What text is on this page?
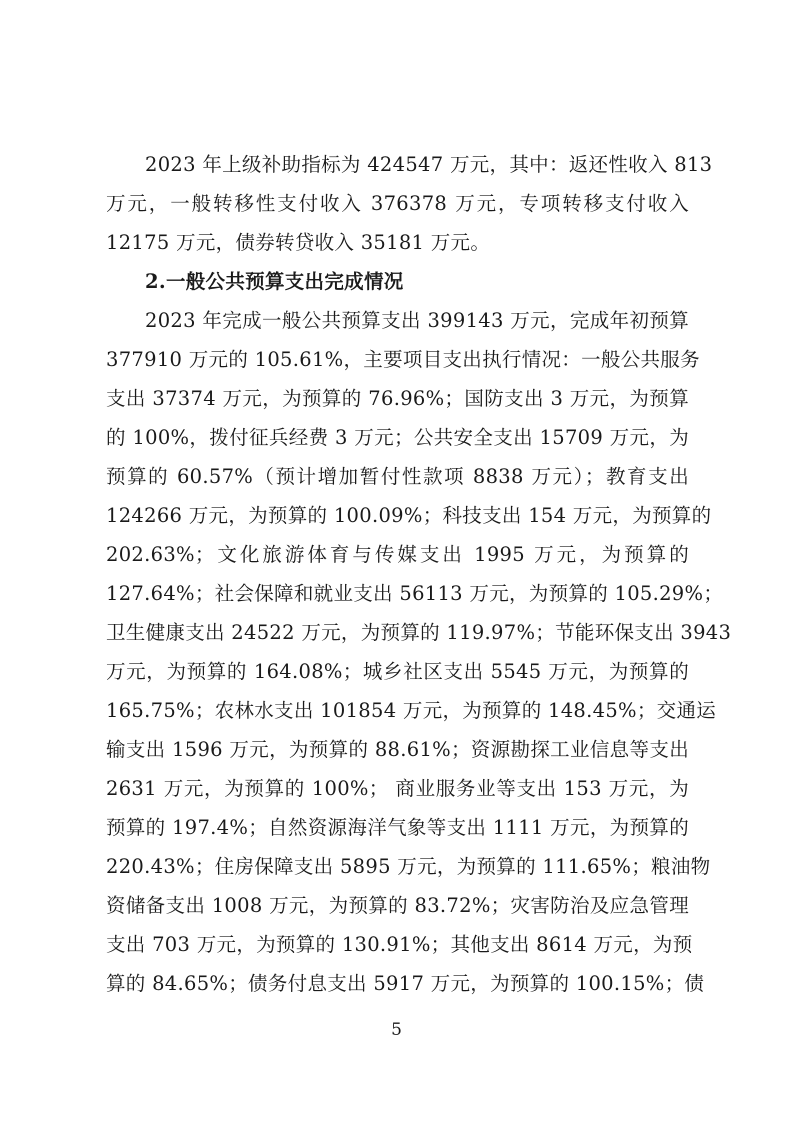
2023 年上级补助指标为 424547 万元，其中：返还性收入 813
万元，一般转移性支付收入 376378 万元，专项转移支付收入
12175 万元，债券转贷收入 35181 万元。
2.一般公共预算支出完成情况
2023 年完成一般公共预算支出 399143 万元，完成年初预算
377910 万元的 105.61%，主要项目支出执行情况：一般公共服务
支出 37374 万元，为预算的 76.96%；国防支出 3 万元，为预算
的 100%，拨付征兵经费 3 万元；公共安全支出 15709 万元，为
预算的 60.57%（预计增加暂付性款项 8838 万元）；教育支出
124266 万元，为预算的 100.09%；科技支出 154 万元，为预算的
202.63%；文化旅游体育与传媒支出 1995 万元，为预算的
127.64%；社会保障和就业支出 56113 万元，为预算的 105.29%；
卫生健康支出 24522 万元，为预算的 119.97%；节能环保支出 3943
万元，为预算的 164.08%；城乡社区支出 5545 万元，为预算的
165.75%；农林水支出 101854 万元，为预算的 148.45%；交通运
输支出 1596 万元，为预算的 88.61%；资源勘探工业信息等支出
2631 万元，为预算的 100%； 商业服务业等支出 153 万元，为
预算的 197.4%；自然资源海洋气象等支出 1111 万元，为预算的
220.43%；住房保障支出 5895 万元，为预算的 111.65%；粮油物
资储备支出 1008 万元，为预算的 83.72%；灾害防治及应急管理
支出 703 万元，为预算的 130.91%；其他支出 8614 万元，为预
算的 84.65%；债务付息支出 5917 万元，为预算的 100.15%；债
5
